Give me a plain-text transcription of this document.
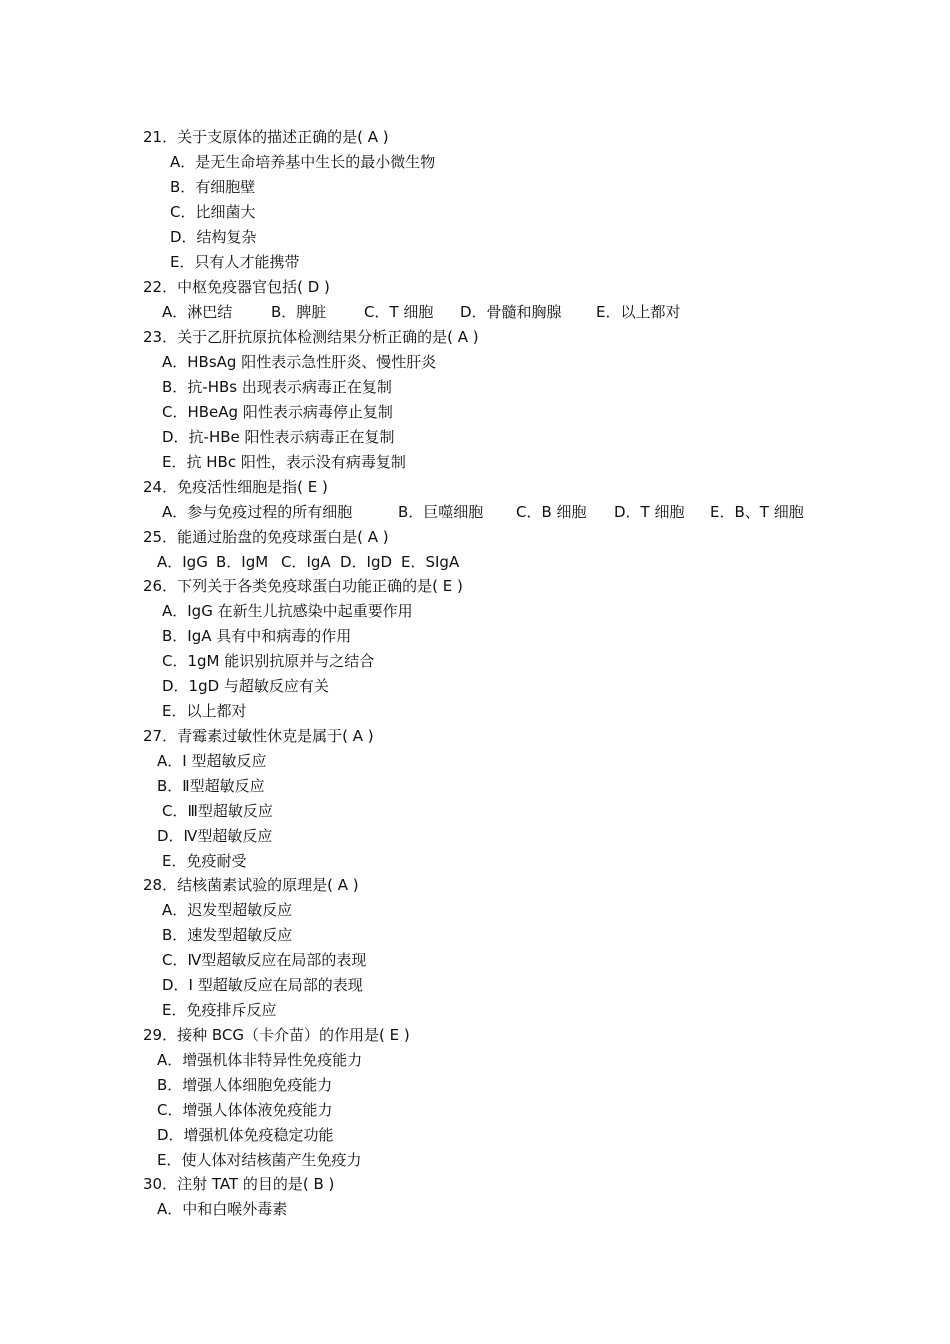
21．关于支原体的描述正确的是( A )
A．是无生命培养基中生长的最小微生物
B．有细胞壁
C．比细菌大
D．结构复杂
E．只有人才能携带
22．中枢免疫器官包括( D )
A．淋巴结	B．脾脏	C．T 细胞 D．骨髓和胸腺 E．以上都对
23．关于乙肝抗原抗体检测结果分析正确的是( A )
A．HBsAg 阳性表示急性肝炎、慢性肝炎
B．抗-HBs 出现表示病毒正在复制
C．HBeAg 阳性表示病毒停止复制
D．抗-HBe 阳性表示病毒正在复制
E．抗 HBc 阳性，表示没有病毒复制
24．免疫活性细胞是指( E )
A．参与免疫过程的所有细胞	B．巨噬细胞 C．B 细胞 D．T 细胞 E．B、T 细胞
25．能通过胎盘的免疫球蛋白是( A )
A．IgG B．IgM C．IgA D．IgD E．SIgA
26．下列关于各类免疫球蛋白功能正确的是( E )
A．IgG 在新生儿抗感染中起重要作用
B．IgA 具有中和病毒的作用
C．1gM 能识别抗原并与之结合
D．1gD 与超敏反应有关
E．以上都对
27．青霉素过敏性休克是属于( A )
A．I 型超敏反应
B．Ⅱ型超敏反应
C．Ⅲ型超敏反应
D．Ⅳ型超敏反应
E．免疫耐受
28．结核菌素试验的原理是( A )
A．迟发型超敏反应
B．速发型超敏反应
C．Ⅳ型超敏反应在局部的表现
D．I 型超敏反应在局部的表现
E．免疫排斥反应
29．接种 BCG（卡介苗）的作用是( E )
A．增强机体非特异性免疫能力
B．增强人体细胞免疫能力
C．增强人体体液免疫能力
D．增强机体免疫稳定功能
E．使人体对结核菌产生免疫力
30．注射 TAT 的目的是( B )
A．中和白喉外毒素
